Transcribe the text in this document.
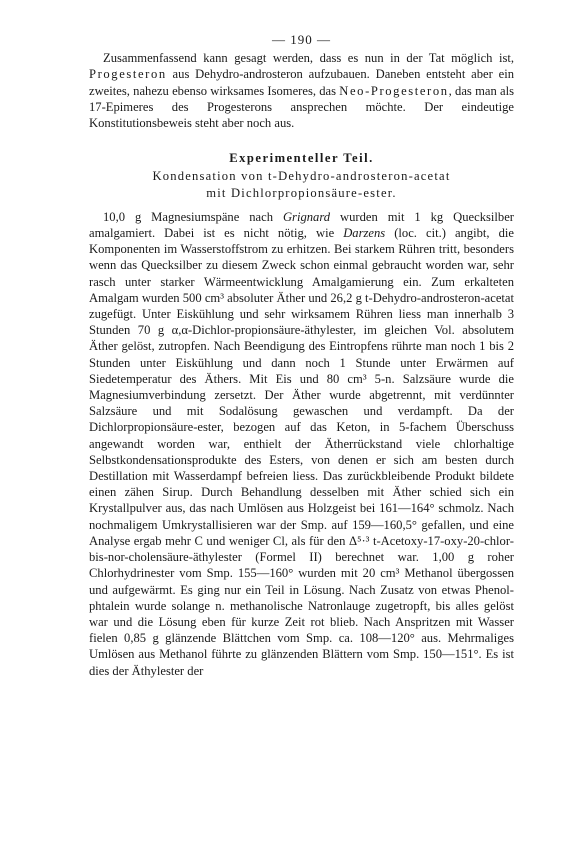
— 190 —

Zusammenfassend kann gesagt werden, dass es nun in der Tat möglich ist, Progesteron aus Dehydro-androsteron aufzubauen. Daneben entsteht aber ein zweites, nahezu ebenso wirksames Isomeres, das Neo-Progesteron, das man als 17-Epimeres des Progesterons ansprechen möchte. Der eindeutige Konstitutionsbeweis steht aber noch aus.

Experimenteller Teil.
Kondensation von t-Dehydro-androsteron-acetat
mit Dichlorpropionsäure-ester.

10,0 g Magnesiumspäne nach Grignard wurden mit 1 kg Quecksilber amalgamiert. Dabei ist es nicht nötig, wie Darzens (loc. cit.) angibt, die Komponenten im Wasserstoffstrom zu erhitzen. Bei starkem Rühren tritt, besonders wenn das Quecksilber zu diesem Zweck schon einmal gebraucht worden war, sehr rasch unter starker Wärmeentwicklung Amalgamierung ein. Zum erkalteten Amalgam wurden 500 cm³ absoluter Äther und 26,2 g t-Dehydro-androsteron-acetat zugefügt. Unter Eiskühlung und sehr wirksamem Rühren liess man innerhalb 3 Stunden 70 g α,α-Dichlor-propionsäure-äthylester, im gleichen Vol. absolutem Äther gelöst, zutropfen. Nach Beendigung des Eintropfens rührte man noch 1 bis 2 Stunden unter Eiskühlung und dann noch 1 Stunde unter Erwärmen auf Siedetemperatur des Äthers. Mit Eis und 80 cm³ 5-n. Salzsäure wurde die Magnesiumverbindung zersetzt. Der Äther wurde abgetrennt, mit verdünnter Salzsäure und mit Sodalösung gewaschen und verdampft. Da der Dichlorpropionsäure-ester, bezogen auf das Keton, in 5-fachem Überschuss angewandt worden war, enthielt der Ätherrückstand viele chlorhaltige Selbstkondensationsprodukte des Esters, von denen er sich am besten durch Destillation mit Wasserdampf befreien liess. Das zurückbleibende Produkt bildete einen zähen Sirup. Durch Behandlung desselben mit Äther schied sich ein Krystallpulver aus, das nach Umlösen aus Holzgeist bei 161—164° schmolz. Nach nochmaligem Umkrystallisieren war der Smp. auf 159—160,5° gefallen, und eine Analyse ergab mehr C und weniger Cl, als für den Δ⁵·³ t-Acetoxy-17-oxy-20-chlor-bis-nor-cholensäure-äthylester (Formel II) berechnet war. 1,00 g roher Chlorhydrinester vom Smp. 155—160° wurden mit 20 cm³ Methanol übergossen und aufgewärmt. Es ging nur ein Teil in Lösung. Nach Zusatz von etwas Phenol-phtalein wurde solange n. methanolische Natronlauge zugetropft, bis alles gelöst war und die Lösung eben für kurze Zeit rot blieb. Nach Anspritzen mit Wasser fielen 0,85 g glänzende Blättchen vom Smp. ca. 108—120° aus. Mehrmaliges Umlösen aus Methanol führte zu glänzenden Blättern vom Smp. 150—151°. Es ist dies der Äthylester der
